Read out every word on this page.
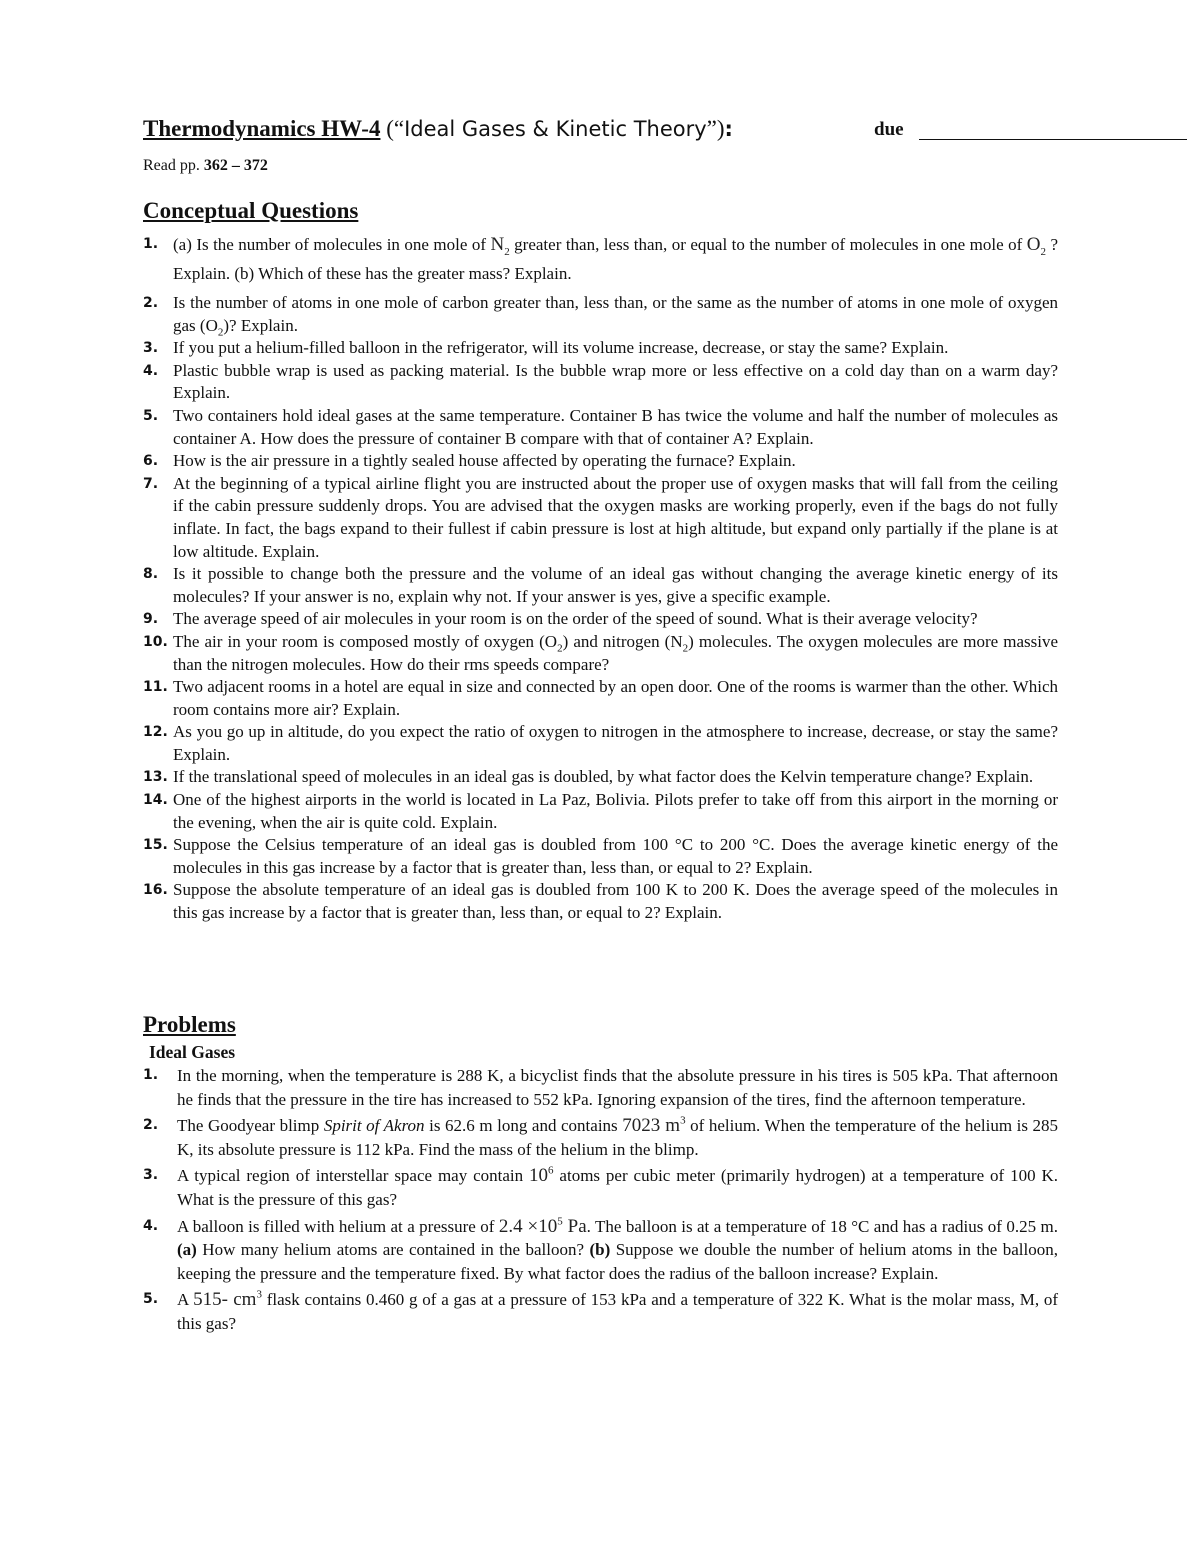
Thermodynamics HW-4 (“Ideal Gases & Kinetic Theory”):	due
Read pp. 362 – 372
Conceptual Questions
1. (a) Is the number of molecules in one mole of $N_2$ greater than, less than, or equal to the number of molecules in one mole of $O_2$ ? Explain. (b) Which of these has the greater mass? Explain.
2. Is the number of atoms in one mole of carbon greater than, less than, or the same as the number of atoms in one mole of oxygen gas $(O_2)$? Explain.
3. If you put a helium-filled balloon in the refrigerator, will its volume increase, decrease, or stay the same? Explain.
4. Plastic bubble wrap is used as packing material. Is the bubble wrap more or less effective on a cold day than on a warm day? Explain.
5. Two containers hold ideal gases at the same temperature. Container B has twice the volume and half the number of molecules as container A. How does the pressure of container B compare with that of container A? Explain.
6. How is the air pressure in a tightly sealed house affected by operating the furnace? Explain.
7. At the beginning of a typical airline flight you are instructed about the proper use of oxygen masks that will fall from the ceiling if the cabin pressure suddenly drops. You are advised that the oxygen masks are working properly, even if the bags do not fully inflate. In fact, the bags expand to their fullest if cabin pressure is lost at high altitude, but expand only partially if the plane is at low altitude. Explain.
8. Is it possible to change both the pressure and the volume of an ideal gas without changing the average kinetic energy of its molecules? If your answer is no, explain why not. If your answer is yes, give a specific example.
9. The average speed of air molecules in your room is on the order of the speed of sound. What is their average velocity?
10. The air in your room is composed mostly of oxygen $(O_2)$ and nitrogen $(N_2)$ molecules. The oxygen molecules are more massive than the nitrogen molecules. How do their rms speeds compare?
11. Two adjacent rooms in a hotel are equal in size and connected by an open door. One of the rooms is warmer than the other. Which room contains more air? Explain.
12. As you go up in altitude, do you expect the ratio of oxygen to nitrogen in the atmosphere to increase, decrease, or stay the same? Explain.
13. If the translational speed of molecules in an ideal gas is doubled, by what factor does the Kelvin temperature change? Explain.
14. One of the highest airports in the world is located in La Paz, Bolivia. Pilots prefer to take off from this airport in the morning or the evening, when the air is quite cold. Explain.
15. Suppose the Celsius temperature of an ideal gas is doubled from 100 °C to 200 °C. Does the average kinetic energy of the molecules in this gas increase by a factor that is greater than, less than, or equal to 2? Explain.
16. Suppose the absolute temperature of an ideal gas is doubled from 100 K to 200 K. Does the average speed of the molecules in this gas increase by a factor that is greater than, less than, or equal to 2? Explain.
Problems
Ideal Gases
1. In the morning, when the temperature is 288 K, a bicyclist finds that the absolute pressure in his tires is 505 kPa. That afternoon he finds that the pressure in the tire has increased to 552 kPa. Ignoring expansion of the tires, find the afternoon temperature.
2. The Goodyear blimp Spirit of Akron is 62.6 m long and contains 7023 $m^3$ of helium. When the temperature of the helium is 285 K, its absolute pressure is 112 kPa. Find the mass of the helium in the blimp.
3. A typical region of interstellar space may contain $10^6$ atoms per cubic meter (primarily hydrogen) at a temperature of 100 K. What is the pressure of this gas?
4. A balloon is filled with helium at a pressure of $2.4 \times 10^5$ Pa. The balloon is at a temperature of 18 °C and has a radius of 0.25 m. (a) How many helium atoms are contained in the balloon? (b) Suppose we double the number of helium atoms in the balloon, keeping the pressure and the temperature fixed. By what factor does the radius of the balloon increase? Explain.
5. A 515- $cm^3$ flask contains 0.460 g of a gas at a pressure of 153 kPa and a temperature of 322 K. What is the molar mass, M, of this gas?
